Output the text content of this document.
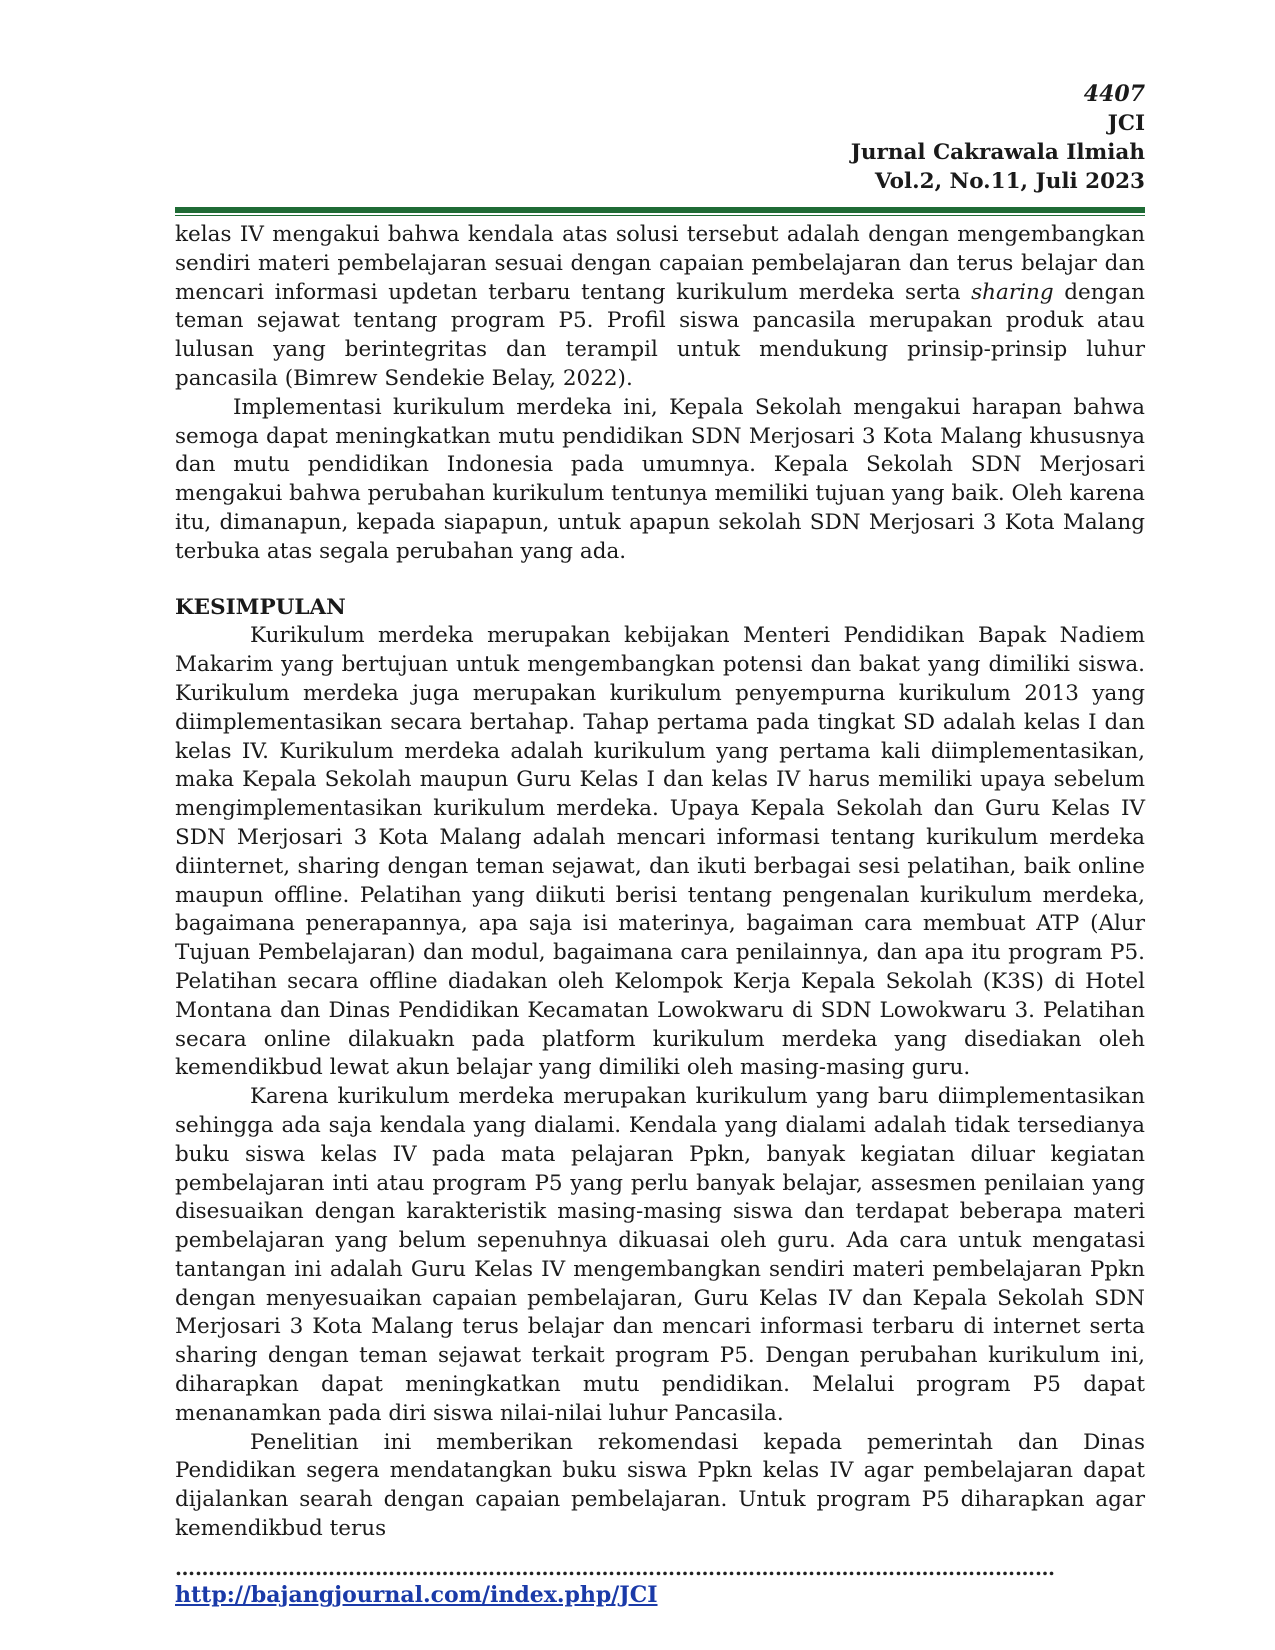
4407
JCI
Jurnal Cakrawala Ilmiah
Vol.2, No.11, Juli 2023

kelas IV mengakui bahwa kendala atas solusi tersebut adalah dengan mengembangkan sendiri materi pembelajaran sesuai dengan capaian pembelajaran dan terus belajar dan mencari informasi updetan terbaru tentang kurikulum merdeka serta sharing dengan teman sejawat tentang program P5. Profil siswa pancasila merupakan produk atau lulusan yang berintegritas dan terampil untuk mendukung prinsip-prinsip luhur pancasila (Bimrew Sendekie Belay, 2022).

Implementasi kurikulum merdeka ini, Kepala Sekolah mengakui harapan bahwa semoga dapat meningkatkan mutu pendidikan SDN Merjosari 3 Kota Malang khususnya dan mutu pendidikan Indonesia pada umumnya. Kepala Sekolah SDN Merjosari mengakui bahwa perubahan kurikulum tentunya memiliki tujuan yang baik. Oleh karena itu, dimanapun, kepada siapapun, untuk apapun sekolah SDN Merjosari 3 Kota Malang terbuka atas segala perubahan yang ada.

KESIMPULAN

Kurikulum merdeka merupakan kebijakan Menteri Pendidikan Bapak Nadiem Makarim yang bertujuan untuk mengembangkan potensi dan bakat yang dimiliki siswa. Kurikulum merdeka juga merupakan kurikulum penyempurna kurikulum 2013 yang diimplementasikan secara bertahap. Tahap pertama pada tingkat SD adalah kelas I dan kelas IV. Kurikulum merdeka adalah kurikulum yang pertama kali diimplementasikan, maka Kepala Sekolah maupun Guru Kelas I dan kelas IV harus memiliki upaya sebelum mengimplementasikan kurikulum merdeka. Upaya Kepala Sekolah dan Guru Kelas IV SDN Merjosari 3 Kota Malang adalah mencari informasi tentang kurikulum merdeka diinternet, sharing dengan teman sejawat, dan ikuti berbagai sesi pelatihan, baik online maupun offline. Pelatihan yang diikuti berisi tentang pengenalan kurikulum merdeka, bagaimana penerapannya, apa saja isi materinya, bagaiman cara membuat ATP (Alur Tujuan Pembelajaran) dan modul, bagaimana cara penilainnya, dan apa itu program P5. Pelatihan secara offline diadakan oleh Kelompok Kerja Kepala Sekolah (K3S) di Hotel Montana dan Dinas Pendidikan Kecamatan Lowokwaru di SDN Lowokwaru 3. Pelatihan secara online dilakuakn pada platform kurikulum merdeka yang disediakan oleh kemendikbud lewat akun belajar yang dimiliki oleh masing-masing guru.

Karena kurikulum merdeka merupakan kurikulum yang baru diimplementasikan sehingga ada saja kendala yang dialami. Kendala yang dialami adalah tidak tersedianya buku siswa kelas IV pada mata pelajaran Ppkn, banyak kegiatan diluar kegiatan pembelajaran inti atau program P5 yang perlu banyak belajar, assesmen penilaian yang disesuaikan dengan karakteristik masing-masing siswa dan terdapat beberapa materi pembelajaran yang belum sepenuhnya dikuasai oleh guru. Ada cara untuk mengatasi tantangan ini adalah Guru Kelas IV mengembangkan sendiri materi pembelajaran Ppkn dengan menyesuaikan capaian pembelajaran, Guru Kelas IV dan Kepala Sekolah SDN Merjosari 3 Kota Malang terus belajar dan mencari informasi terbaru di internet serta sharing dengan teman sejawat terkait program P5. Dengan perubahan kurikulum ini, diharapkan dapat meningkatkan mutu pendidikan. Melalui program P5 dapat menanamkan pada diri siswa nilai-nilai luhur Pancasila.

Penelitian ini memberikan rekomendasi kepada pemerintah dan Dinas Pendidikan segera mendatangkan buku siswa Ppkn kelas IV agar pembelajaran dapat dijalankan searah dengan capaian pembelajaran. Untuk program P5 diharapkan agar kemendikbud terus

……………………………………………………………………………………………………………………
http://bajangjournal.com/index.php/JCI
